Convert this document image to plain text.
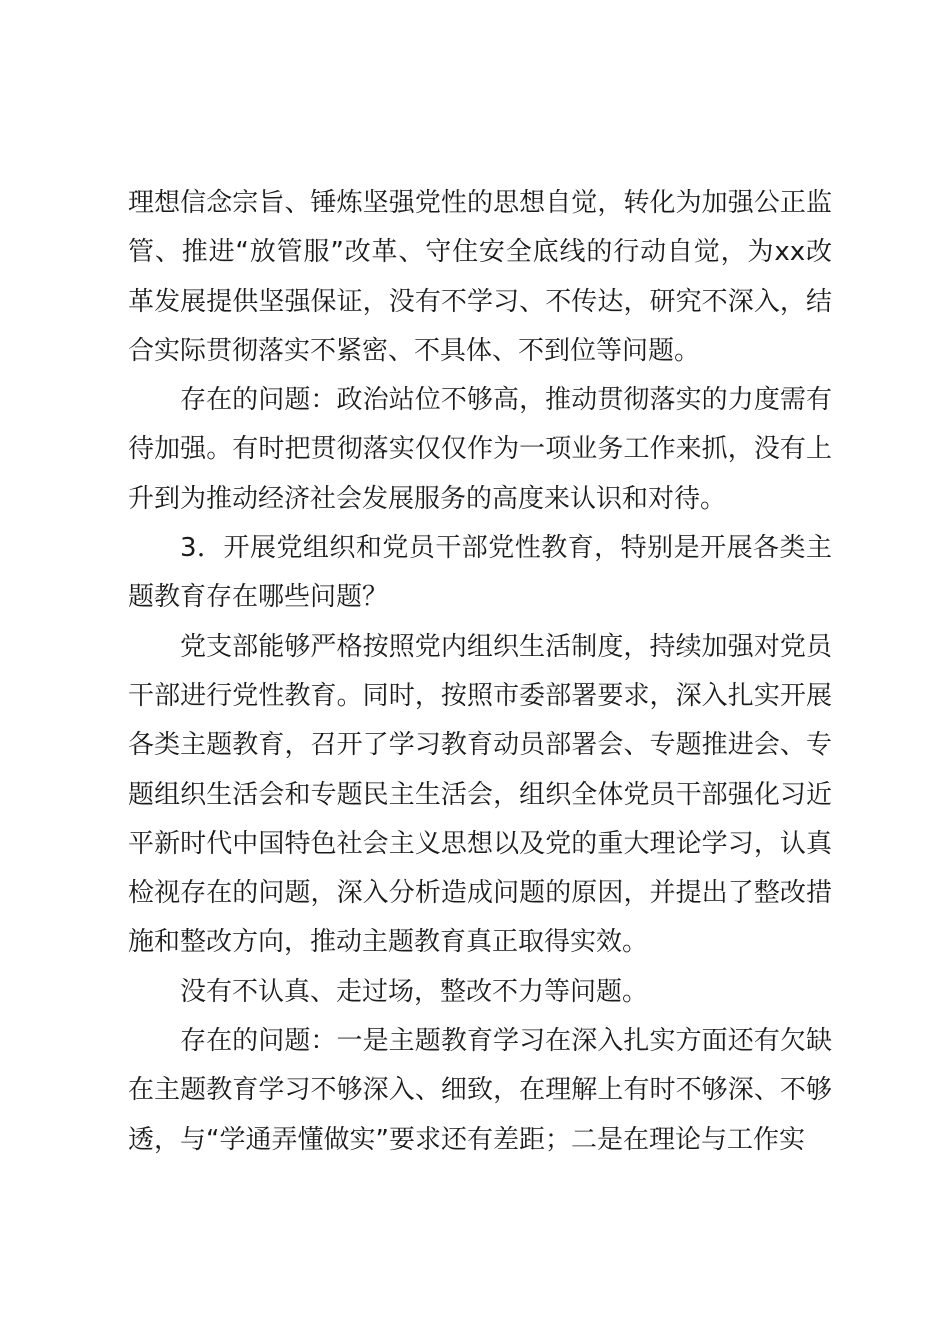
理想信念宗旨、锤炼坚强党性的思想自觉，转化为加强公正监管、推进“放管服”改革、守住安全底线的行动自觉，为xx改革发展提供坚强保证，没有不学习、不传达，研究不深入，结合实际贯彻落实不紧密、不具体、不到位等问题。

存在的问题：政治站位不够高，推动贯彻落实的力度需有待加强。有时把贯彻落实仅仅作为一项业务工作来抓，没有上升到为推动经济社会发展服务的高度来认识和对待。

3．开展党组织和党员干部党性教育，特别是开展各类主题教育存在哪些问题？

党支部能够严格按照党内组织生活制度，持续加强对党员干部进行党性教育。同时，按照市委部署要求，深入扎实开展各类主题教育，召开了学习教育动员部署会、专题推进会、专题组织生活会和专题民主生活会，组织全体党员干部强化习近平新时代中国特色社会主义思想以及党的重大理论学习，认真检视存在的问题，深入分析造成问题的原因，并提出了整改措施和整改方向，推动主题教育真正取得实效。

没有不认真、走过场，整改不力等问题。

存在的问题：一是主题教育学习在深入扎实方面还有欠缺在主题教育学习不够深入、细致，在理解上有时不够深、不够透，与“学通弄懂做实”要求还有差距；二是在理论与工作实
